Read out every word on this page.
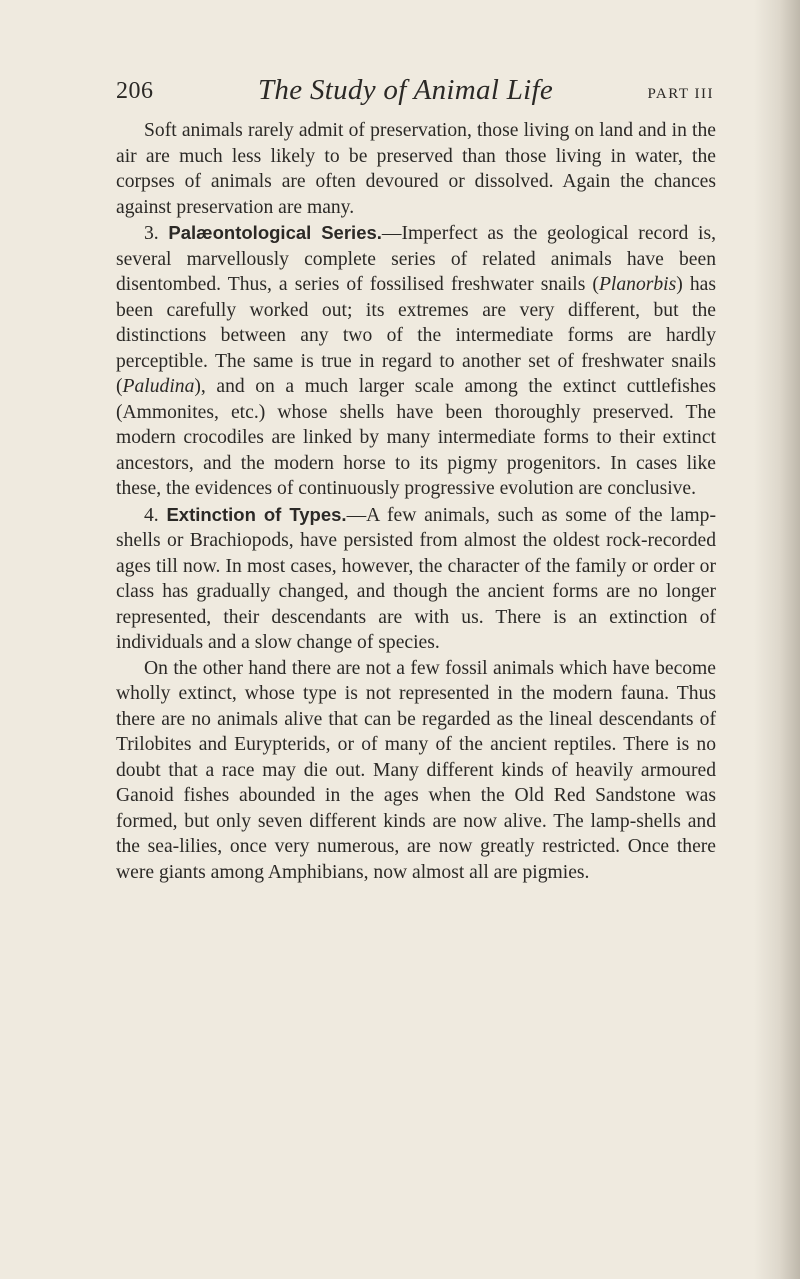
206	The Study of Animal Life	PART III

Soft animals rarely admit of preservation, those living on land and in the air are much less likely to be preserved than those living in water, the corpses of animals are often devoured or dissolved. Again the chances against preservation are many.

3. Palæontological Series.—Imperfect as the geological record is, several marvellously complete series of related animals have been disentombed. Thus, a series of fossilised freshwater snails (Planorbis) has been carefully worked out; its extremes are very different, but the distinctions between any two of the intermediate forms are hardly perceptible. The same is true in regard to another set of freshwater snails (Paludina), and on a much larger scale among the extinct cuttlefishes (Ammonites, etc.) whose shells have been thoroughly preserved. The modern crocodiles are linked by many intermediate forms to their extinct ancestors, and the modern horse to its pigmy progenitors. In cases like these, the evidences of continuously progressive evolution are conclusive.

4. Extinction of Types.—A few animals, such as some of the lamp-shells or Brachiopods, have persisted from almost the oldest rock-recorded ages till now. In most cases, however, the character of the family or order or class has gradually changed, and though the ancient forms are no longer represented, their descendants are with us. There is an extinction of individuals and a slow change of species.

On the other hand there are not a few fossil animals which have become wholly extinct, whose type is not represented in the modern fauna. Thus there are no animals alive that can be regarded as the lineal descendants of Trilobites and Eurypterids, or of many of the ancient reptiles. There is no doubt that a race may die out. Many different kinds of heavily armoured Ganoid fishes abounded in the ages when the Old Red Sandstone was formed, but only seven different kinds are now alive. The lamp-shells and the sea-lilies, once very numerous, are now greatly restricted. Once there were giants among Amphibians, now almost all are pigmies.
